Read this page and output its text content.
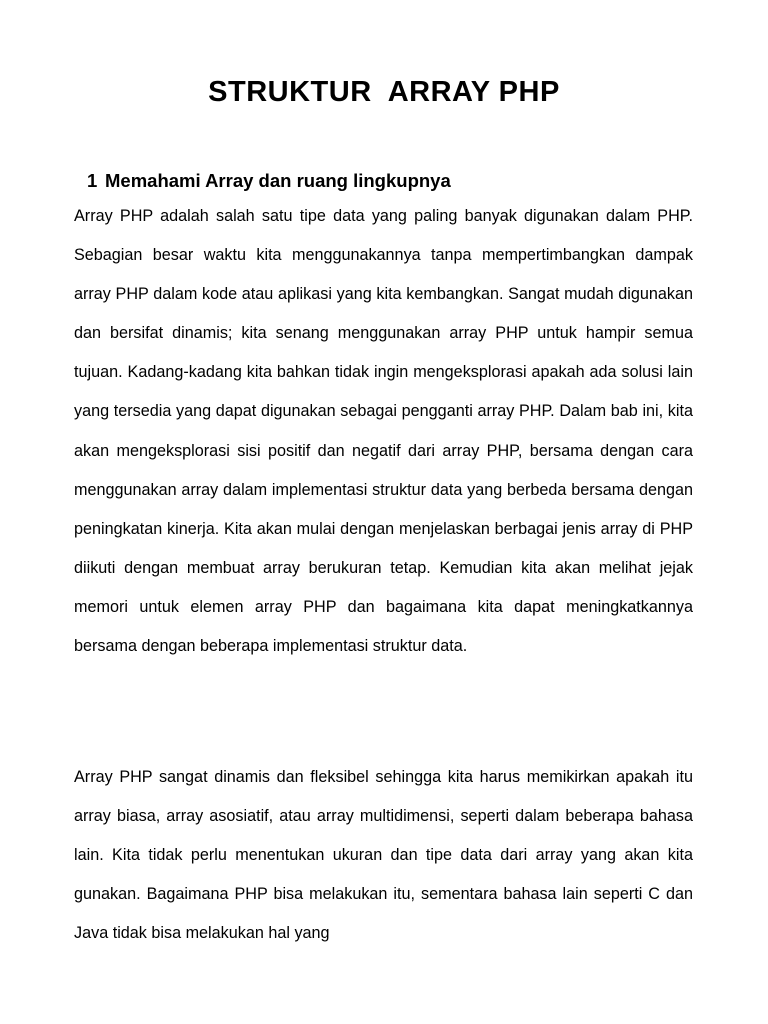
STRUKTUR  ARRAY PHP
1 Memahami Array dan ruang lingkupnya

Array PHP adalah salah satu tipe data yang paling banyak digunakan dalam PHP. Sebagian besar waktu kita menggunakannya tanpa mempertimbangkan dampak array PHP dalam kode atau aplikasi yang kita kembangkan. Sangat mudah digunakan dan bersifat dinamis; kita senang menggunakan array PHP untuk hampir semua tujuan. Kadang-kadang kita bahkan tidak ingin mengeksplorasi apakah ada solusi lain yang tersedia yang dapat digunakan sebagai pengganti array PHP. Dalam bab ini, kita akan mengeksplorasi sisi positif dan negatif dari array PHP, bersama dengan cara menggunakan array dalam implementasi struktur data yang berbeda bersama dengan peningkatan kinerja. Kita akan mulai dengan menjelaskan berbagai jenis array di PHP diikuti dengan membuat array berukuran tetap. Kemudian kita akan melihat jejak memori untuk elemen array PHP dan bagaimana kita dapat meningkatkannya bersama dengan beberapa implementasi struktur data.

Array PHP sangat dinamis dan fleksibel sehingga kita harus memikirkan apakah itu array biasa, array asosiatif, atau array multidimensi, seperti dalam beberapa bahasa lain. Kita tidak perlu menentukan ukuran dan tipe data dari array yang akan kita gunakan. Bagaimana PHP bisa melakukan itu, sementara bahasa lain seperti C dan Java tidak bisa melakukan hal yang
